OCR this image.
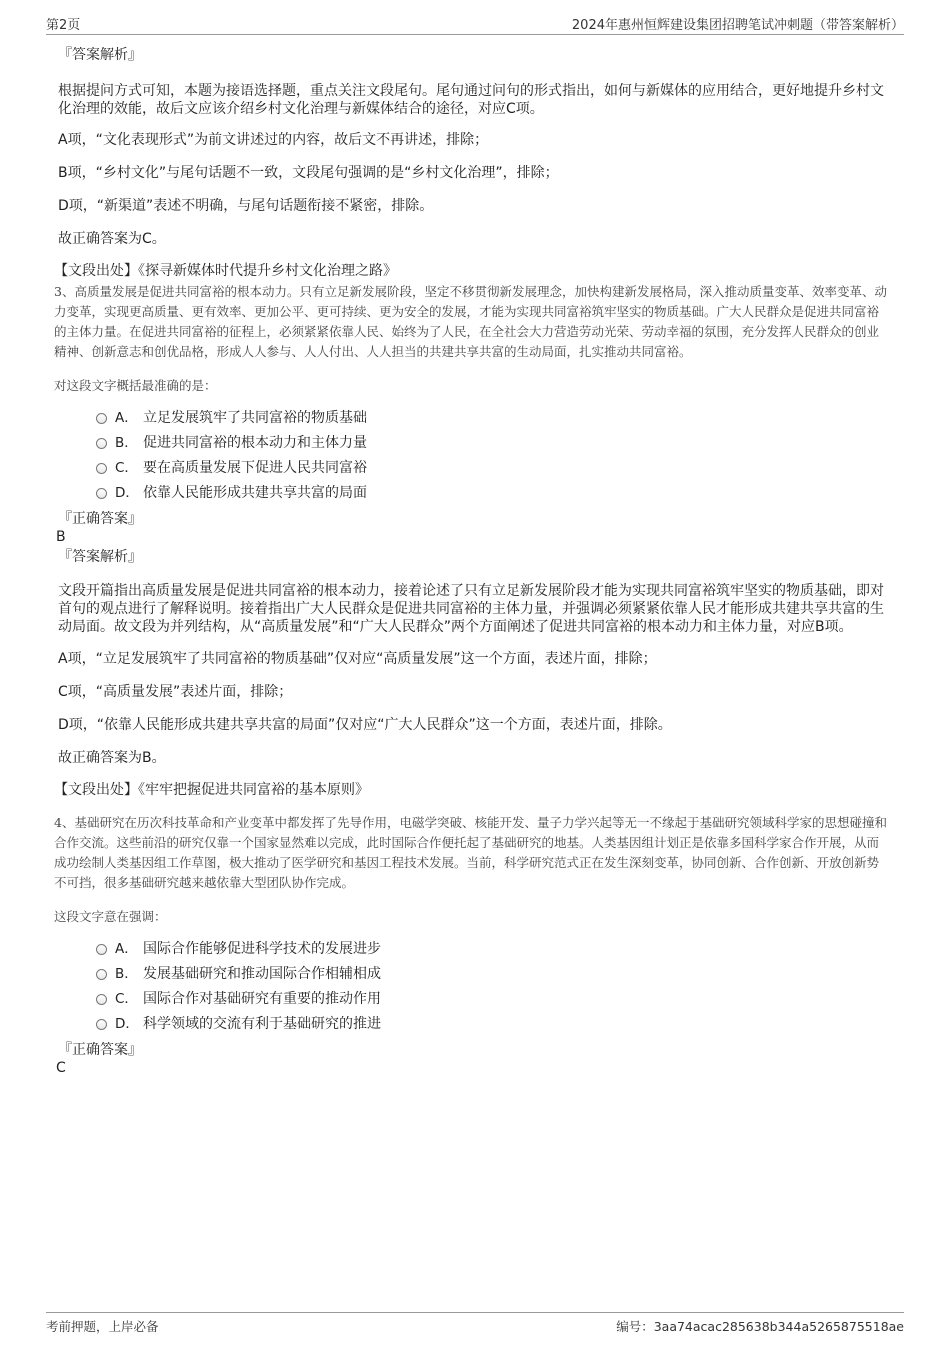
第2页	2024年惠州恒辉建设集团招聘笔试冲刺题（带答案解析）
『答案解析』
根据提问方式可知，本题为接语选择题，重点关注文段尾句。尾句通过问句的形式指出，如何与新媒体的应用结合，更好地提升乡村文化治理的效能，故后文应该介绍乡村文化治理与新媒体结合的途径，对应C项。
A项，“文化表现形式”为前文讲述过的内容，故后文不再讲述，排除；
B项，“乡村文化”与尾句话题不一致，文段尾句强调的是“乡村文化治理”，排除；
D项，“新渠道”表述不明确，与尾句话题衔接不紧密，排除。
故正确答案为C。
【文段出处】《探寻新媒体时代提升乡村文化治理之路》
3、高质量发展是促进共同富裕的根本动力。只有立足新发展阶段，坚定不移贯彻新发展理念，加快构建新发展格局，深入推动质量变革、效率变革、动力变革，实现更高质量、更有效率、更加公平、更可持续、更为安全的发展，才能为实现共同富裕筑牢坚实的物质基础。广大人民群众是促进共同富裕的主体力量。在促进共同富裕的征程上，必须紧紧依靠人民、始终为了人民，在全社会大力营造劳动光荣、劳动幸福的氛围，充分发挥人民群众的创业精神、创新意志和创优品格，形成人人参与、人人付出、人人担当的共建共享共富的生动局面，扎实推动共同富裕。
对这段文字概括最准确的是：
A． 立足发展筑牢了共同富裕的物质基础
B． 促进共同富裕的根本动力和主体力量
C． 要在高质量发展下促进人民共同富裕
D． 依靠人民能形成共建共享共富的局面
『正确答案』
B
『答案解析』
文段开篇指出高质量发展是促进共同富裕的根本动力，接着论述了只有立足新发展阶段才能为实现共同富裕筑牢坚实的物质基础，即对首句的观点进行了解释说明。接着指出广大人民群众是促进共同富裕的主体力量，并强调必须紧紧依靠人民才能形成共建共享共富的生动局面。故文段为并列结构，从“高质量发展”和“广大人民群众”两个方面阐述了促进共同富裕的根本动力和主体力量，对应B项。
A项，“立足发展筑牢了共同富裕的物质基础”仅对应“高质量发展”这一个方面，表述片面，排除；
C项，“高质量发展”表述片面，排除；
D项，“依靠人民能形成共建共享共富的局面”仅对应“广大人民群众”这一个方面，表述片面，排除。
故正确答案为B。
【文段出处】《牢牢把握促进共同富裕的基本原则》
4、基础研究在历次科技革命和产业变革中都发挥了先导作用，电磁学突破、核能开发、量子力学兴起等无一不缘起于基础研究领域科学家的思想碰撞和合作交流。这些前沿的研究仅靠一个国家显然难以完成，此时国际合作便托起了基础研究的地基。人类基因组计划正是依靠多国科学家合作开展，从而成功绘制人类基因组工作草图，极大推动了医学研究和基因工程技术发展。当前，科学研究范式正在发生深刻变革，协同创新、合作创新、开放创新势不可挡，很多基础研究越来越依靠大型团队协作完成。
这段文字意在强调：
A． 国际合作能够促进科学技术的发展进步
B． 发展基础研究和推动国际合作相辅相成
C． 国际合作对基础研究有重要的推动作用
D． 科学领域的交流有利于基础研究的推进
『正确答案』
C
考前押题，上岸必备	编号：3aa74acac285638b344a5265875518ae
